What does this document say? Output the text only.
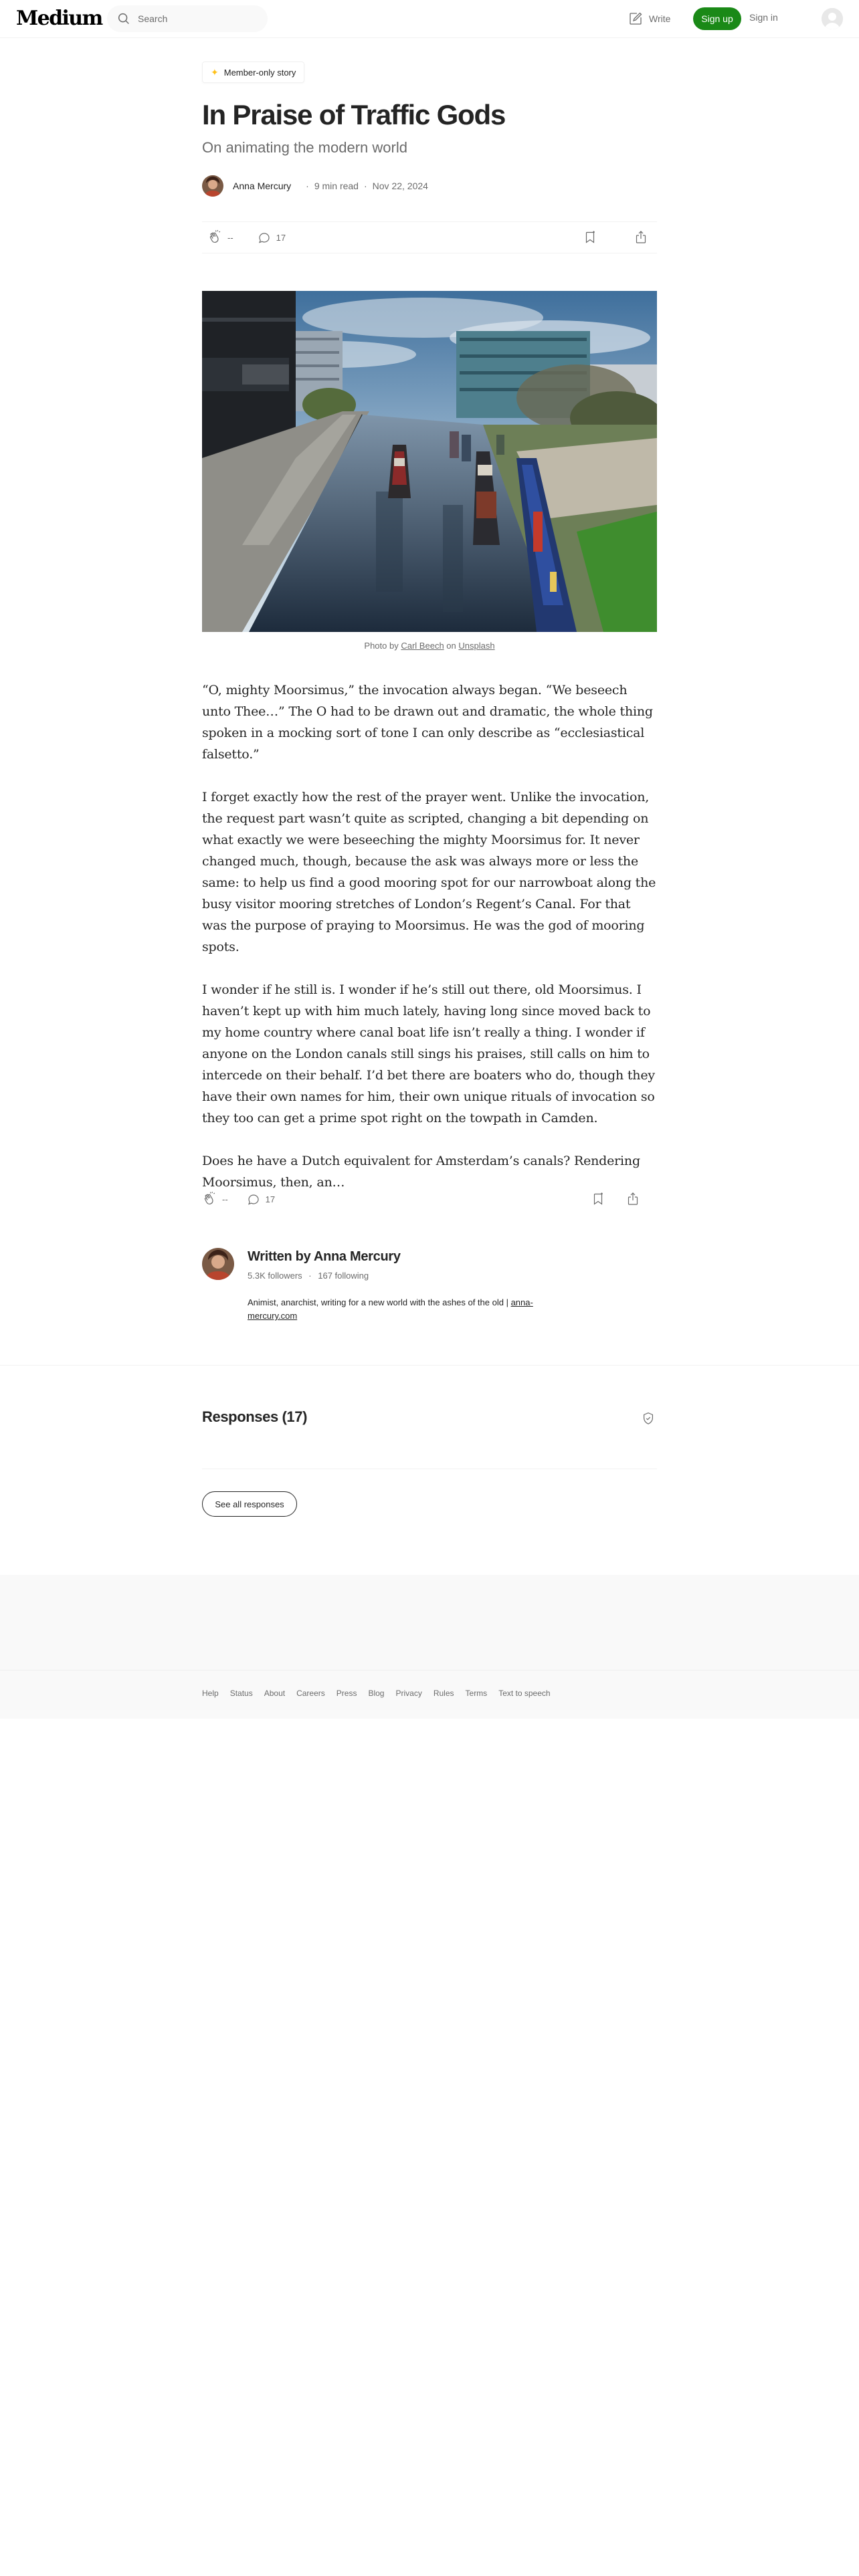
Medium
Search	Write	Sign up	Sign in
✦ Member-only story
In Praise of Traffic Gods
On animating the modern world
Anna Mercury · 9 min read · Nov 22, 2024
--	17
Photo by Carl Beech on Unsplash

“O, mighty Moorsimus,” the invocation always began. “We beseech unto Thee…” The O had to be drawn out and dramatic, the whole thing spoken in a mocking sort of tone I can only describe as “ecclesiastical falsetto.”

I forget exactly how the rest of the prayer went. Unlike the invocation, the request part wasn’t quite as scripted, changing a bit depending on what exactly we were beseeching the mighty Moorsimus for. It never changed much, though, because the ask was always more or less the same: to help us find a good mooring spot for our narrowboat along the busy visitor mooring stretches of London’s Regent’s Canal. For that was the purpose of praying to Moorsimus. He was the god of mooring spots.

I wonder if he still is. I wonder if he’s still out there, old Moorsimus. I haven’t kept up with him much lately, having long since moved back to my home country where canal boat life isn’t really a thing. I wonder if anyone on the London canals still sings his praises, still calls on him to intercede on their behalf. I’d bet there are boaters who do, though they have their own names for him, their own unique rituals of invocation so they too can get a prime spot right on the towpath in Camden.

Does he have a Dutch equivalent for Amsterdam’s canals? Rendering Moorsimus, then, an…

--	17
Written by Anna Mercury
5.3K followers · 167 following
Animist, anarchist, writing for a new world with the ashes of the old | anna-mercury.com
Responses (17)
See all responses
Help Status About Careers Press Blog Privacy Rules Terms Text to speech
